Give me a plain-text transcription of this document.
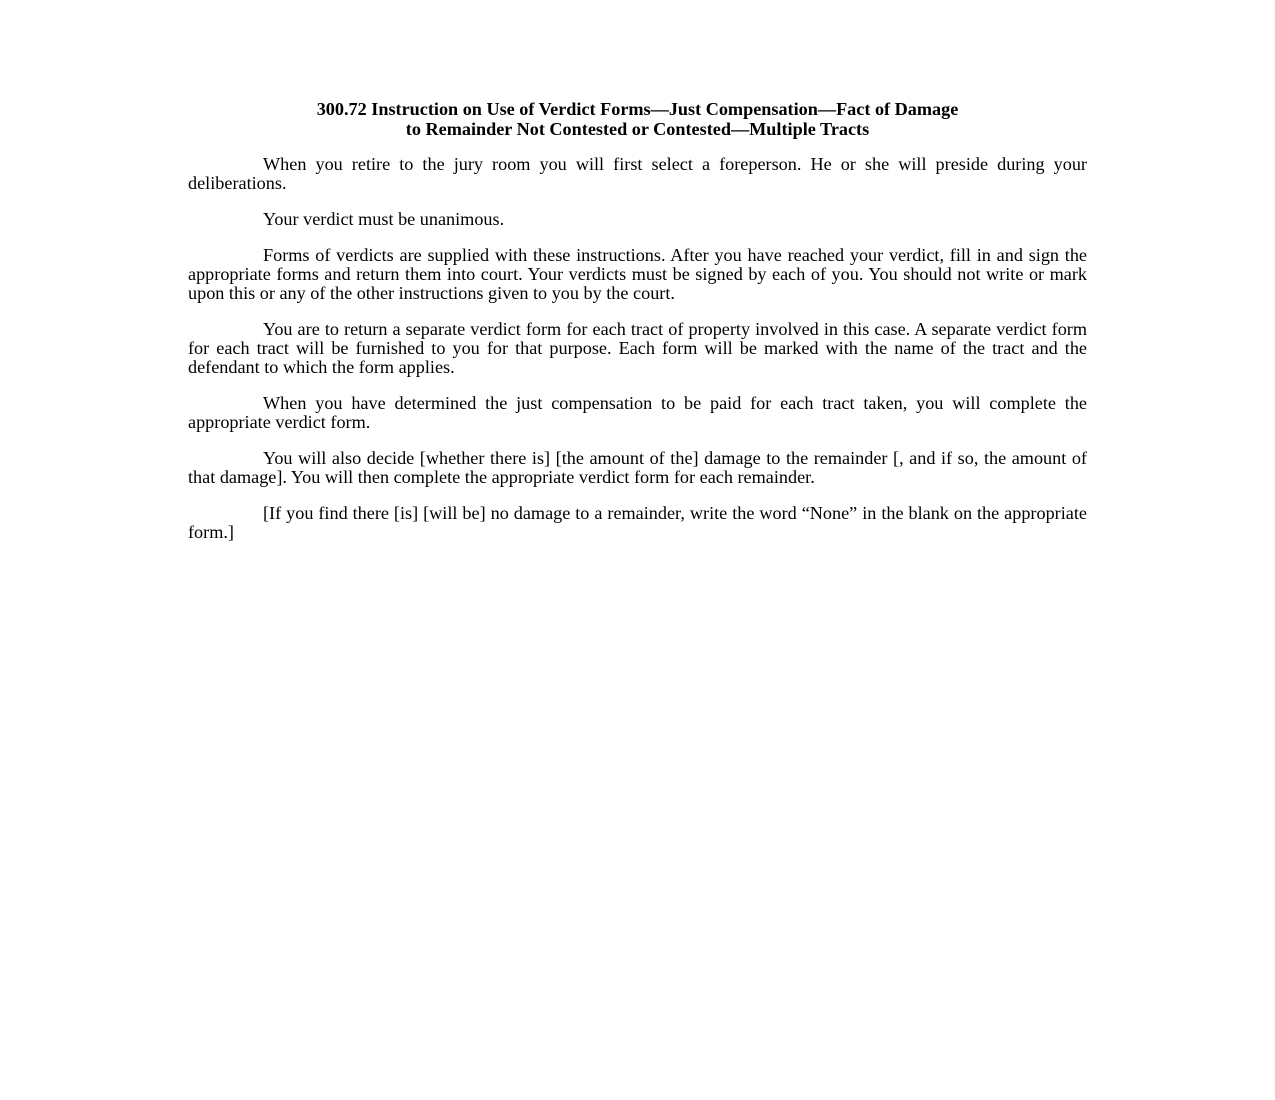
300.72 Instruction on Use of Verdict Forms—Just Compensation—Fact of Damage
to Remainder Not Contested or Contested—Multiple Tracts

When you retire to the jury room you will first select a foreperson. He or she will preside during your deliberations.

Your verdict must be unanimous.

Forms of verdicts are supplied with these instructions. After you have reached your verdict, fill in and sign the appropriate forms and return them into court. Your verdicts must be signed by each of you. You should not write or mark upon this or any of the other instructions given to you by the court.

You are to return a separate verdict form for each tract of property involved in this case. A separate verdict form for each tract will be furnished to you for that purpose. Each form will be marked with the name of the tract and the defendant to which the form applies.

When you have determined the just compensation to be paid for each tract taken, you will complete the appropriate verdict form.

You will also decide [whether there is] [the amount of the] damage to the remainder [, and if so, the amount of that damage]. You will then complete the appropriate verdict form for each remainder.

[If you find there [is] [will be] no damage to a remainder, write the word “None” in the blank on the appropriate form.]
